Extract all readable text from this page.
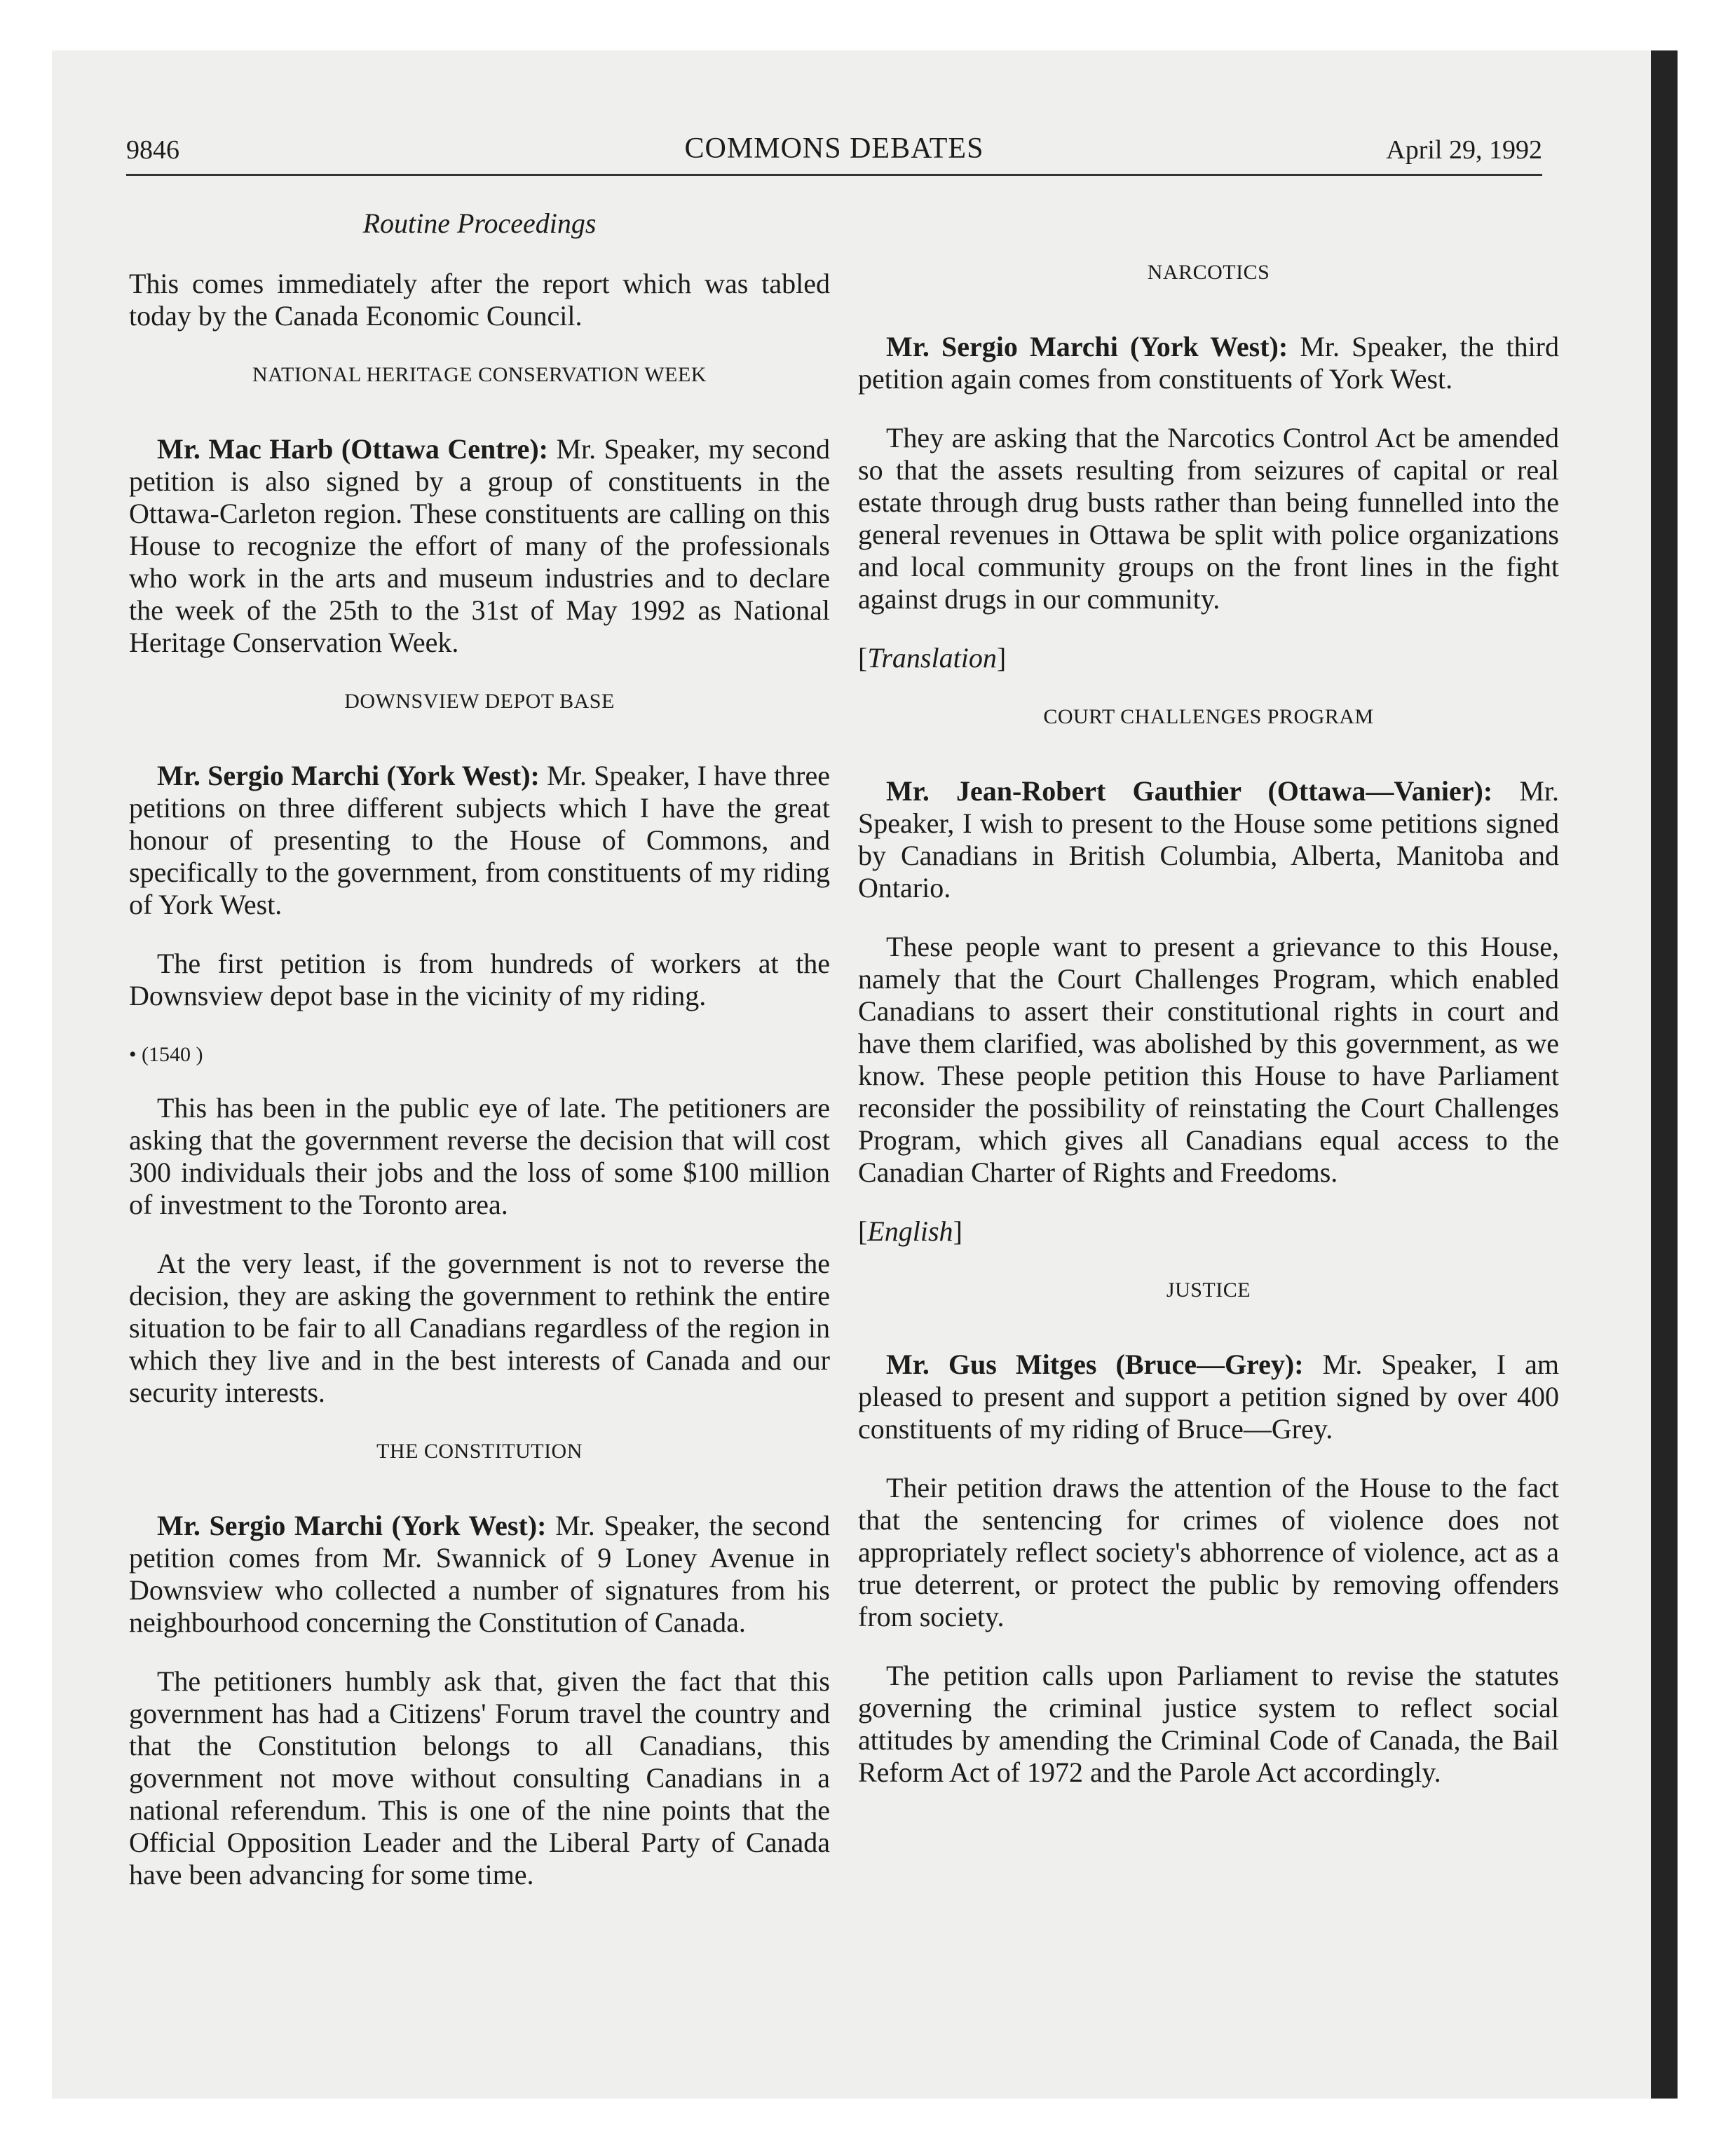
9846	COMMONS DEBATES	April 29, 1992
Routine Proceedings

This comes immediately after the report which was tabled today by the Canada Economic Council.

NATIONAL HERITAGE CONSERVATION WEEK

Mr. Mac Harb (Ottawa Centre): Mr. Speaker, my second petition is also signed by a group of constituents in the Ottawa-Carleton region. These constituents are calling on this House to recognize the effort of many of the professionals who work in the arts and museum industries and to declare the week of the 25th to the 31st of May 1992 as National Heritage Conservation Week.

DOWNSVIEW DEPOT BASE

Mr. Sergio Marchi (York West): Mr. Speaker, I have three petitions on three different subjects which I have the great honour of presenting to the House of Commons, and specifically to the government, from constituents of my riding of York West.

The first petition is from hundreds of workers at the Downsview depot base in the vicinity of my riding.

• (1540 )

This has been in the public eye of late. The petitioners are asking that the government reverse the decision that will cost 300 individuals their jobs and the loss of some $100 million of investment to the Toronto area.

At the very least, if the government is not to reverse the decision, they are asking the government to rethink the entire situation to be fair to all Canadians regardless of the region in which they live and in the best interests of Canada and our security interests.

THE CONSTITUTION

Mr. Sergio Marchi (York West): Mr. Speaker, the second petition comes from Mr. Swannick of 9 Loney Avenue in Downsview who collected a number of signatures from his neighbourhood concerning the Constitution of Canada.

The petitioners humbly ask that, given the fact that this government has had a Citizens' Forum travel the country and that the Constitution belongs to all Canadians, this government not move without consulting Canadians in a national referendum. This is one of the nine points that the Official Opposition Leader and the Liberal Party of Canada have been advancing for some time.

NARCOTICS

Mr. Sergio Marchi (York West): Mr. Speaker, the third petition again comes from constituents of York West.

They are asking that the Narcotics Control Act be amended so that the assets resulting from seizures of capital or real estate through drug busts rather than being funnelled into the general revenues in Ottawa be split with police organizations and local community groups on the front lines in the fight against drugs in our community.

[Translation]
COURT CHALLENGES PROGRAM

Mr. Jean-Robert Gauthier (Ottawa—Vanier): Mr. Speaker, I wish to present to the House some petitions signed by Canadians in British Columbia, Alberta, Manitoba and Ontario.

These people want to present a grievance to this House, namely that the Court Challenges Program, which enabled Canadians to assert their constitutional rights in court and have them clarified, was abolished by this government, as we know. These people petition this House to have Parliament reconsider the possibility of reinstating the Court Challenges Program, which gives all Canadians equal access to the Canadian Charter of Rights and Freedoms.

[English]
JUSTICE

Mr. Gus Mitges (Bruce—Grey): Mr. Speaker, I am pleased to present and support a petition signed by over 400 constituents of my riding of Bruce—Grey.

Their petition draws the attention of the House to the fact that the sentencing for crimes of violence does not appropriately reflect society's abhorrence of violence, act as a true deterrent, or protect the public by removing offenders from society.

The petition calls upon Parliament to revise the statutes governing the criminal justice system to reflect social attitudes by amending the Criminal Code of Canada, the Bail Reform Act of 1972 and the Parole Act accordingly.
